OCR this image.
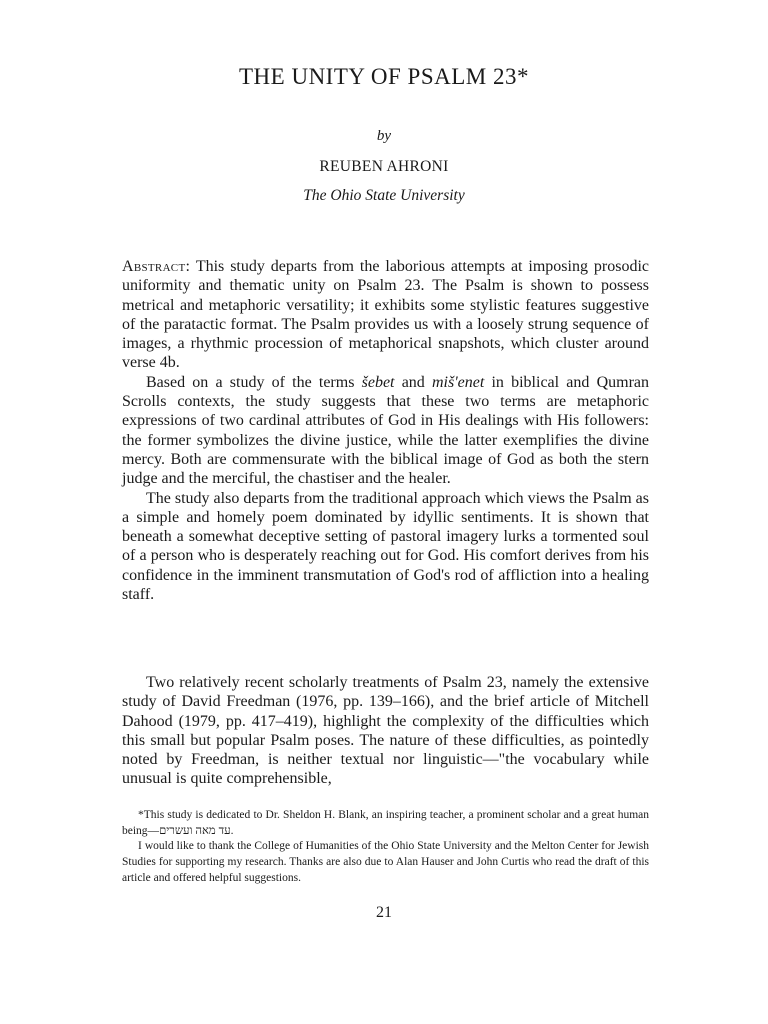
THE UNITY OF PSALM 23*
by
REUBEN AHRONI
The Ohio State University

Abstract: This study departs from the laborious attempts at imposing prosodic uniformity and thematic unity on Psalm 23. The Psalm is shown to possess metrical and metaphoric versatility; it exhibits some stylistic features suggestive of the paratactic format. The Psalm provides us with a loosely strung sequence of images, a rhythmic procession of metaphorical snapshots, which cluster around verse 4b.

Based on a study of the terms šebet and miš'enet in biblical and Qumran Scrolls contexts, the study suggests that these two terms are metaphoric expressions of two cardinal attributes of God in His dealings with His followers: the former symbolizes the divine justice, while the latter exemplifies the divine mercy. Both are commensurate with the biblical image of God as both the stern judge and the merciful, the chastiser and the healer.

The study also departs from the traditional approach which views the Psalm as a simple and homely poem dominated by idyllic sentiments. It is shown that beneath a somewhat deceptive setting of pastoral imagery lurks a tormented soul of a person who is desperately reaching out for God. His comfort derives from his confidence in the imminent transmutation of God's rod of affliction into a healing staff.

Two relatively recent scholarly treatments of Psalm 23, namely the extensive study of David Freedman (1976, pp. 139–166), and the brief article of Mitchell Dahood (1979, pp. 417–419), highlight the complexity of the difficulties which this small but popular Psalm poses. The nature of these difficulties, as pointedly noted by Freedman, is neither textual nor linguistic—"the vocabulary while unusual is quite comprehensible,

*This study is dedicated to Dr. Sheldon H. Blank, an inspiring teacher, a prominent scholar and a great human being—עד מאה ועשרים.

I would like to thank the College of Humanities of the Ohio State University and the Melton Center for Jewish Studies for supporting my research. Thanks are also due to Alan Hauser and John Curtis who read the draft of this article and offered helpful suggestions.

21
